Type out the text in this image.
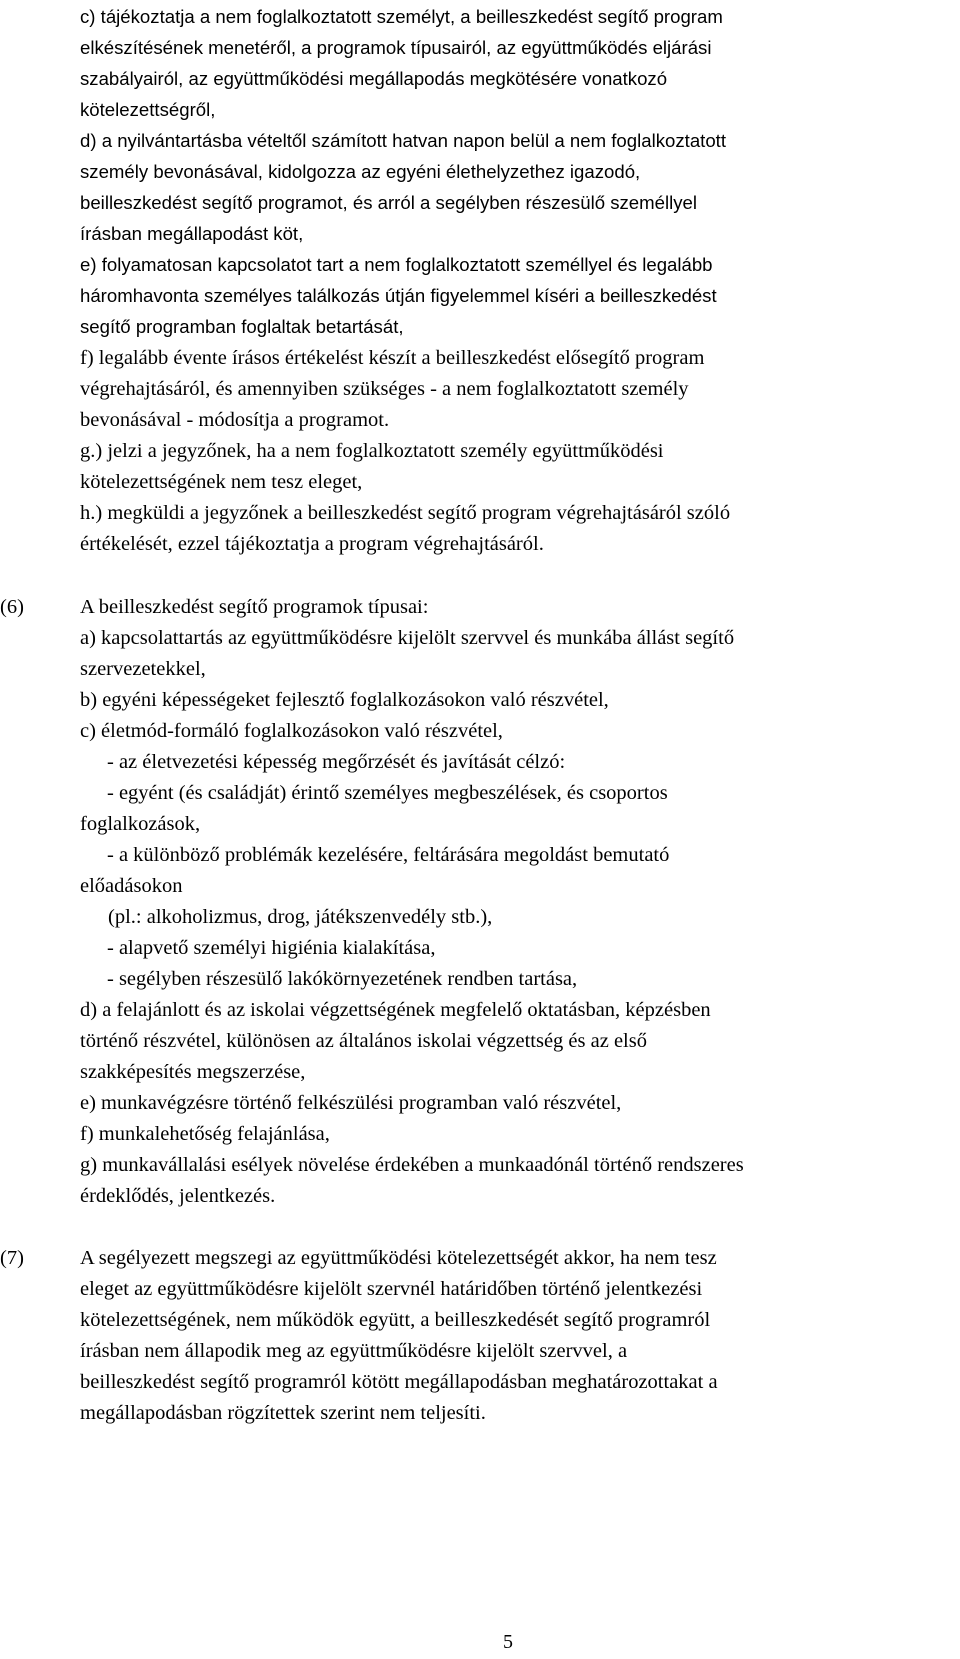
c) tájékoztatja a nem foglalkoztatott személyt, a beilleszkedést segítő program
elkészítésének menetéről, a programok típusairól, az együttműködés eljárási
szabályairól, az együttműködési megállapodás megkötésére vonatkozó
kötelezettségről,
d) a nyilvántartásba vételtől számított hatvan napon belül a nem foglalkoztatott
személy bevonásával, kidolgozza az egyéni élethelyzethez igazodó,
beilleszkedést segítő programot, és arról a segélyben részesülő személlyel
írásban megállapodást köt,
e) folyamatosan kapcsolatot tart a nem foglalkoztatott személlyel és legalább
háromhavonta személyes találkozás útján figyelemmel kíséri a beilleszkedést
segítő programban foglaltak betartását,
f) legalább évente írásos értékelést készít a beilleszkedést elősegítő program
végrehajtásáról, és amennyiben szükséges - a nem foglalkoztatott személy
bevonásával - módosítja a programot.
g.) jelzi a jegyzőnek, ha a nem foglalkoztatott személy együttműködési
kötelezettségének nem tesz eleget,
h.) megküldi a jegyzőnek a beilleszkedést segítő program végrehajtásáról szóló
értékelését, ezzel tájékoztatja a program végrehajtásáról.
(6)	A beilleszkedést segítő programok típusai:
a) kapcsolattartás az együttműködésre kijelölt szervvel és munkába állást segítő
szervezetekkel,
b) egyéni képességeket fejlesztő foglalkozásokon való részvétel,
c) életmód-formáló foglalkozásokon való részvétel,
- az életvezetési képesség megőrzését és javítását célzó:
- egyént (és családját) érintő személyes megbeszélések, és csoportos
foglalkozások,
- a különböző problémák kezelésére, feltárására megoldást bemutató
előadásokon
(pl.: alkoholizmus, drog, játékszenvedély stb.),
- alapvető személyi higiénia kialakítása,
- segélyben részesülő lakókörnyezetének rendben tartása,
d) a felajánlott és az iskolai végzettségének megfelelő oktatásban, képzésben
történő részvétel, különösen az általános iskolai végzettség és az első
szakképesítés megszerzése,
e) munkavégzésre történő felkészülési programban való részvétel,
f) munkalehetőség felajánlása,
g) munkavállalási esélyek növelése érdekében a munkaadónál történő rendszeres
érdeklődés, jelentkezés.
(7)	A segélyezett megszegi az együttműködési kötelezettségét akkor, ha nem tesz
eleget az együttműködésre kijelölt szervnél határidőben történő jelentkezési
kötelezettségének, nem működök együtt, a beilleszkedését segítő programról
írásban nem állapodik meg az együttműködésre kijelölt szervvel, a
beilleszkedést segítő programról kötött megállapodásban meghatározottakat a
megállapodásban rögzítettek szerint nem teljesíti.
5
